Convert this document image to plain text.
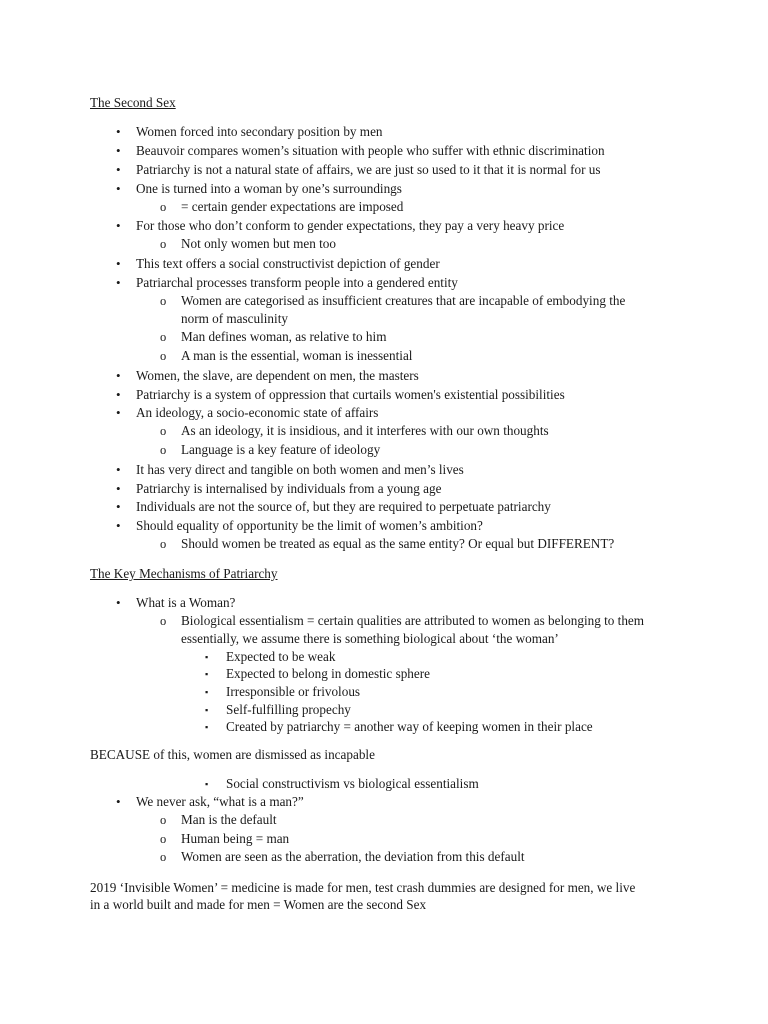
The Second Sex
• Women forced into secondary position by men
• Beauvoir compares women’s situation with people who suffer with ethnic discrimination
• Patriarchy is not a natural state of affairs, we are just so used to it that it is normal for us
• One is turned into a woman by one’s surroundings
o = certain gender expectations are imposed
• For those who don’t conform to gender expectations, they pay a very heavy price
o Not only women but men too
• This text offers a social constructivist depiction of gender
• Patriarchal processes transform people into a gendered entity
o Women are categorised as insufficient creatures that are incapable of embodying the
norm of masculinity
o Man defines woman, as relative to him
o A man is the essential, woman is inessential
• Women, the slave, are dependent on men, the masters
• Patriarchy is a system of oppression that curtails women's existential possibilities
• An ideology, a socio-economic state of affairs
o As an ideology, it is insidious, and it interferes with our own thoughts
o Language is a key feature of ideology
• It has very direct and tangible on both women and men’s lives
• Patriarchy is internalised by individuals from a young age
• Individuals are not the source of, but they are required to perpetuate patriarchy
• Should equality of opportunity be the limit of women’s ambition?
o Should women be treated as equal as the same entity? Or equal but DIFFERENT?
The Key Mechanisms of Patriarchy
• What is a Woman?
o Biological essentialism = certain qualities are attributed to women as belonging to them
essentially, we assume there is something biological about ‘the woman’
▪ Expected to be weak
▪ Expected to belong in domestic sphere
▪ Irresponsible or frivolous
▪ Self-fulfilling propechy
▪ Created by patriarchy = another way of keeping women in their place
BECAUSE of this, women are dismissed as incapable
▪ Social constructivism vs biological essentialism
• We never ask, “what is a man?”
o Man is the default
o Human being = man
o Women are seen as the aberration, the deviation from this default
2019 ‘Invisible Women’ = medicine is made for men, test crash dummies are designed for men, we live
in a world built and made for men = Women are the second Sex
